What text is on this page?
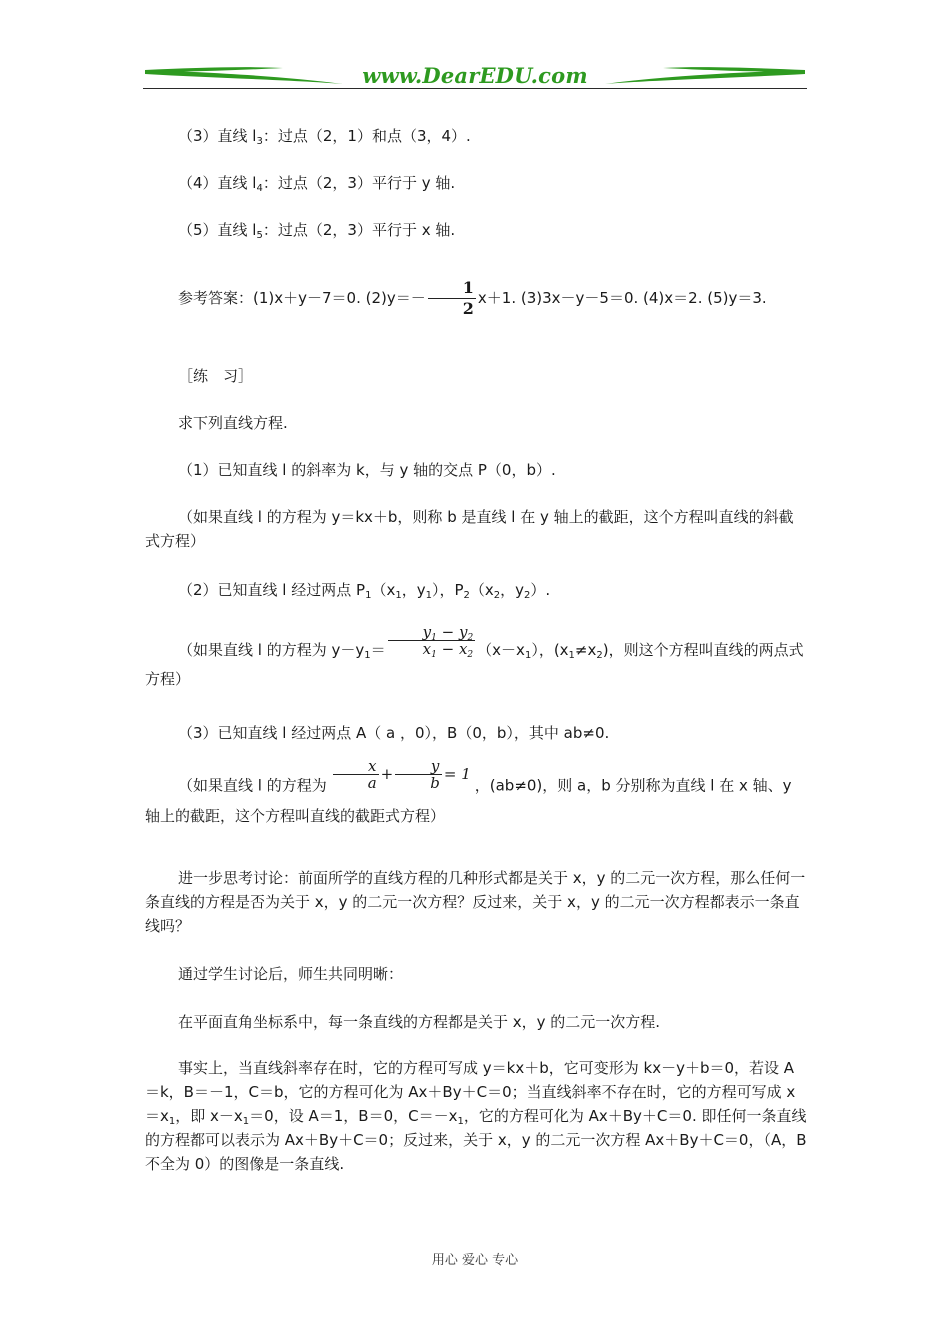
www.DearEDU.com

（3）直线 $l_3$：过点（2，1）和点（3，4）.

（4）直线 $l_4$：过点（2，3）平行于 y 轴.

（5）直线 $l_5$：过点（2，3）平行于 x 轴.

参考答案：(1)x＋y－7＝0. $(2)y=- \frac{1}{2} x+1$. (3)3x－y－5＝0. (4)x＝2. (5)y＝3.

［练　习］

求下列直线方程.

（1）已知直线 l 的斜率为 k，与 y 轴的交点 P（0，b）.

（如果直线 l 的方程为 y＝kx＋b，则称 b 是直线 l 在 y 轴上的截距，这个方程叫直线的斜截式方程）

（2）已知直线 l 经过两点 $P_1(x_1$，$y_1$），$P_2(x_2$，$y_2$）.

（如果直线 l 的方程为 $y-y_1= \frac{y_1 - y_2}{x_1 - x_2} (x-x_1)$，$(x_1\ne x_2)$，则这个方程叫直线的两点式方程）

（3）已知直线 l 经过两点 A（ a ，0），B（0，b），其中 ab≠0.

（如果直线 l 的方程为 $\frac{x}{a} + \frac{y}{b} = 1$，(ab≠0)，则 a，b 分别称为直线 l 在 x 轴、y 轴上的截距，这个方程叫直线的截距式方程）

进一步思考讨论：前面所学的直线方程的几种形式都是关于 x，y 的二元一次方程，那么任何一条直线的方程是否为关于 x，y 的二元一次方程？反过来，关于 x，y 的二元一次方程都表示一条直线吗？

通过学生讨论后，师生共同明晰：

在平面直角坐标系中，每一条直线的方程都是关于 x，y 的二元一次方程.

事实上，当直线斜率存在时，它的方程可写成 y＝kx＋b，它可变形为 kx－y＋b＝0，若设 A＝k，B＝－1，C＝b，它的方程可化为 Ax＋By＋C＝0；当直线斜率不存在时，它的方程可写成 $x=x_1$，即 $x-x_1=0$，设 A＝1，B＝0，$C=-x_1$，它的方程可化为 Ax＋By＋C＝0. 即任何一条直线的方程都可以表示为 Ax＋By＋C＝0；反过来，关于 x，y 的二元一次方程 Ax＋By＋C＝0，（A，B 不全为 0）的图像是一条直线.

用心 爱心 专心
